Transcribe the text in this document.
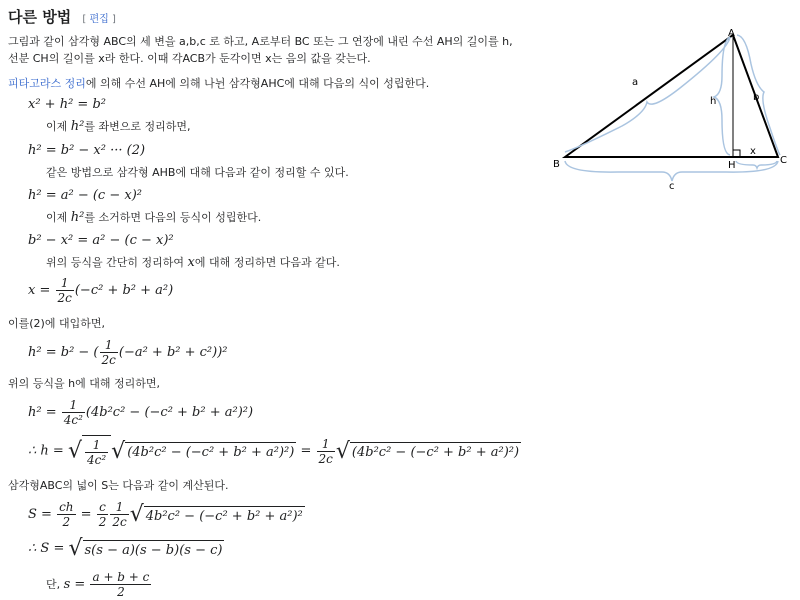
다른 방법 [ 편집 ]
그림과 같이 삼각형 ABC의 세 변을 a,b,c 로 하고, A로부터 BC 또는 그 연장에 내린 수선 AH의 길이를 h,
선분 CH의 길이를 x라 한다. 이때 각ACB가 둔각이면 x는 음의 값을 갖는다.
피타고라스 정리에 의해 수선 AH에 의해 나뉜 삼각형AHC에 대해 다음의 식이 성립한다.
x² + h² = b²
이제 h²를 좌변으로 정리하면,
h² = b² − x² ··· (2)
같은 방법으로 삼각형 AHB에 대해 다음과 같이 정리할 수 있다.
h² = a² − (c − x)²
이제 h²를 소거하면 다음의 등식이 성립한다.
b² − x² = a² − (c − x)²
위의 등식을 간단히 정리하여 x에 대해 정리하면 다음과 같다.
$x = \frac{1}{2c} (-c^2 + b^2 + a^2)$
이를(2)에 대입하면,
h² = b² − ( $\frac{1}{2c} (-a^2 + b^2 + c^2))^2$
위의 등식을 h에 대해 정리하면,
$h^2 = \frac{1}{\text{4c²}} (4b^2c^2 - (-c^2 + b^2 + a^2)^2)$
∴ h = √ $\frac{1}{\text{4c²}}$ √ $(4b^2c^2 - (-c^2 + b^2 + a^2)^2) = \frac{1}{2c}$ √ (4b²c² − (−c² + b² + a²)²)
삼각형ABC의 넓이 S는 다음과 같이 계산된다.
$S = \frac{ch}{2} = \frac{c}{2} \frac{1}{2c}$ √ 4b²c² − (−c² + b² + a²)²
∴ S = √ s(s − a)(s − b)(s − c)
단, $s = \frac{a + b + c}{2}$
A
B	C
H
a
b
c
h
x
